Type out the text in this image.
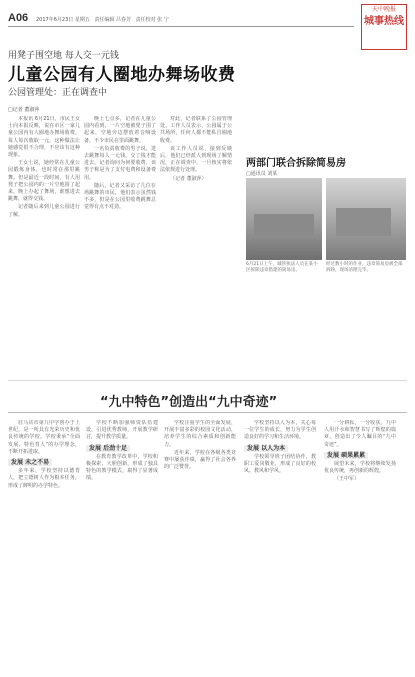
A06 2017年6月23日 星期五 责任编辑 吕春芳 责任校对 张 宁
天中晚报
城事热线
用凳子围空地 每人交一元钱
儿童公园有人圈地办舞场收费
公园管理处：正在调查中
□记者 董淑萍

本报讯 6月21日，市民王女士向本报反映，说在市区一家儿童公园内有人圈地办舞场收费。每人每次收取一元，这种做法让她感觉很不合理，不应该有这种现象。

王女士说，她经常在儿童公园锻炼身体，也时常在那里跳舞。但是最近一段时间，有人用凳子把公园内的一片空地围了起来，晚上办起了舞场，谁想进去跳舞，就得交钱。

记者随后来到儿童公园进行了解。

晚上七点多，记者在儿童公园内看到，一片空地被凳子围了起来，空地旁边摆放着音响设备，不少市民在里面跳舞。

一名负责收费的男子说，进去跳舞每人一元钱，交了钱才能进去。记者询问为何要收费，该男子称是为了支付电费和设备费用。

随后，记者又采访了几位在场跳舞的市民，他们表示虽然钱不多，但是在公园里收费跳舞总觉得有点不对劲。

对此，记者联系了公园管理处。工作人员表示，公园属于公共场所，任何人都不能私自圈地收费。

该工作人员说，接到反映后，他们已经派人到现场了解情况，正在调查中，一旦核实将依法依规进行处理。

（记者 董淑萍）

两部门联合拆除简易房
□通讯员 刘某
6月21日上午，城管执法人员在某小区拆除违章搭建的简易房。
经过数小时的作业，违章简易房被全部拆除，现场清理完毕。
“九中特色”创造出“九中奇迹”

驻马店市第九中学创办于上世纪，是一所具有光荣历史和优良传统的学校。学校秉承“全面发展、特色育人”的办学理念，不断开拓进取。

发展 未之不易

多年来，学校坚持以德育人，把立德树人作为根本任务，形成了鲜明的办学特色。

学校不断加强师资队伍建设，引进优秀教师，开展教学研讨，提升教学质量。

发展 后劲十足

在教育教学改革中，学校积极探索，大胆创新，形成了独具特色的教学模式，取得了显著成绩。

学校注重学生的全面发展，开展丰富多彩的校园文化活动，培养学生的综合素质和创新能力。

近年来，学校在各级各类竞赛中屡获佳绩，赢得了社会各界的广泛赞誉。

学校坚持以人为本，关心每一位学生的成长，努力为学生创造良好的学习和生活环境。

发展 以人为本

学校领导班子团结协作，教职工爱岗敬业，形成了良好的校风、教风和学风。

一分耕耘，一分收获。九中人用汗水和智慧书写了辉煌的篇章，创造出了令人瞩目的“九中奇迹”。

发展 硕果累累

展望未来，学校将继续发扬优良传统，再创新的辉煌。

（王中军）
